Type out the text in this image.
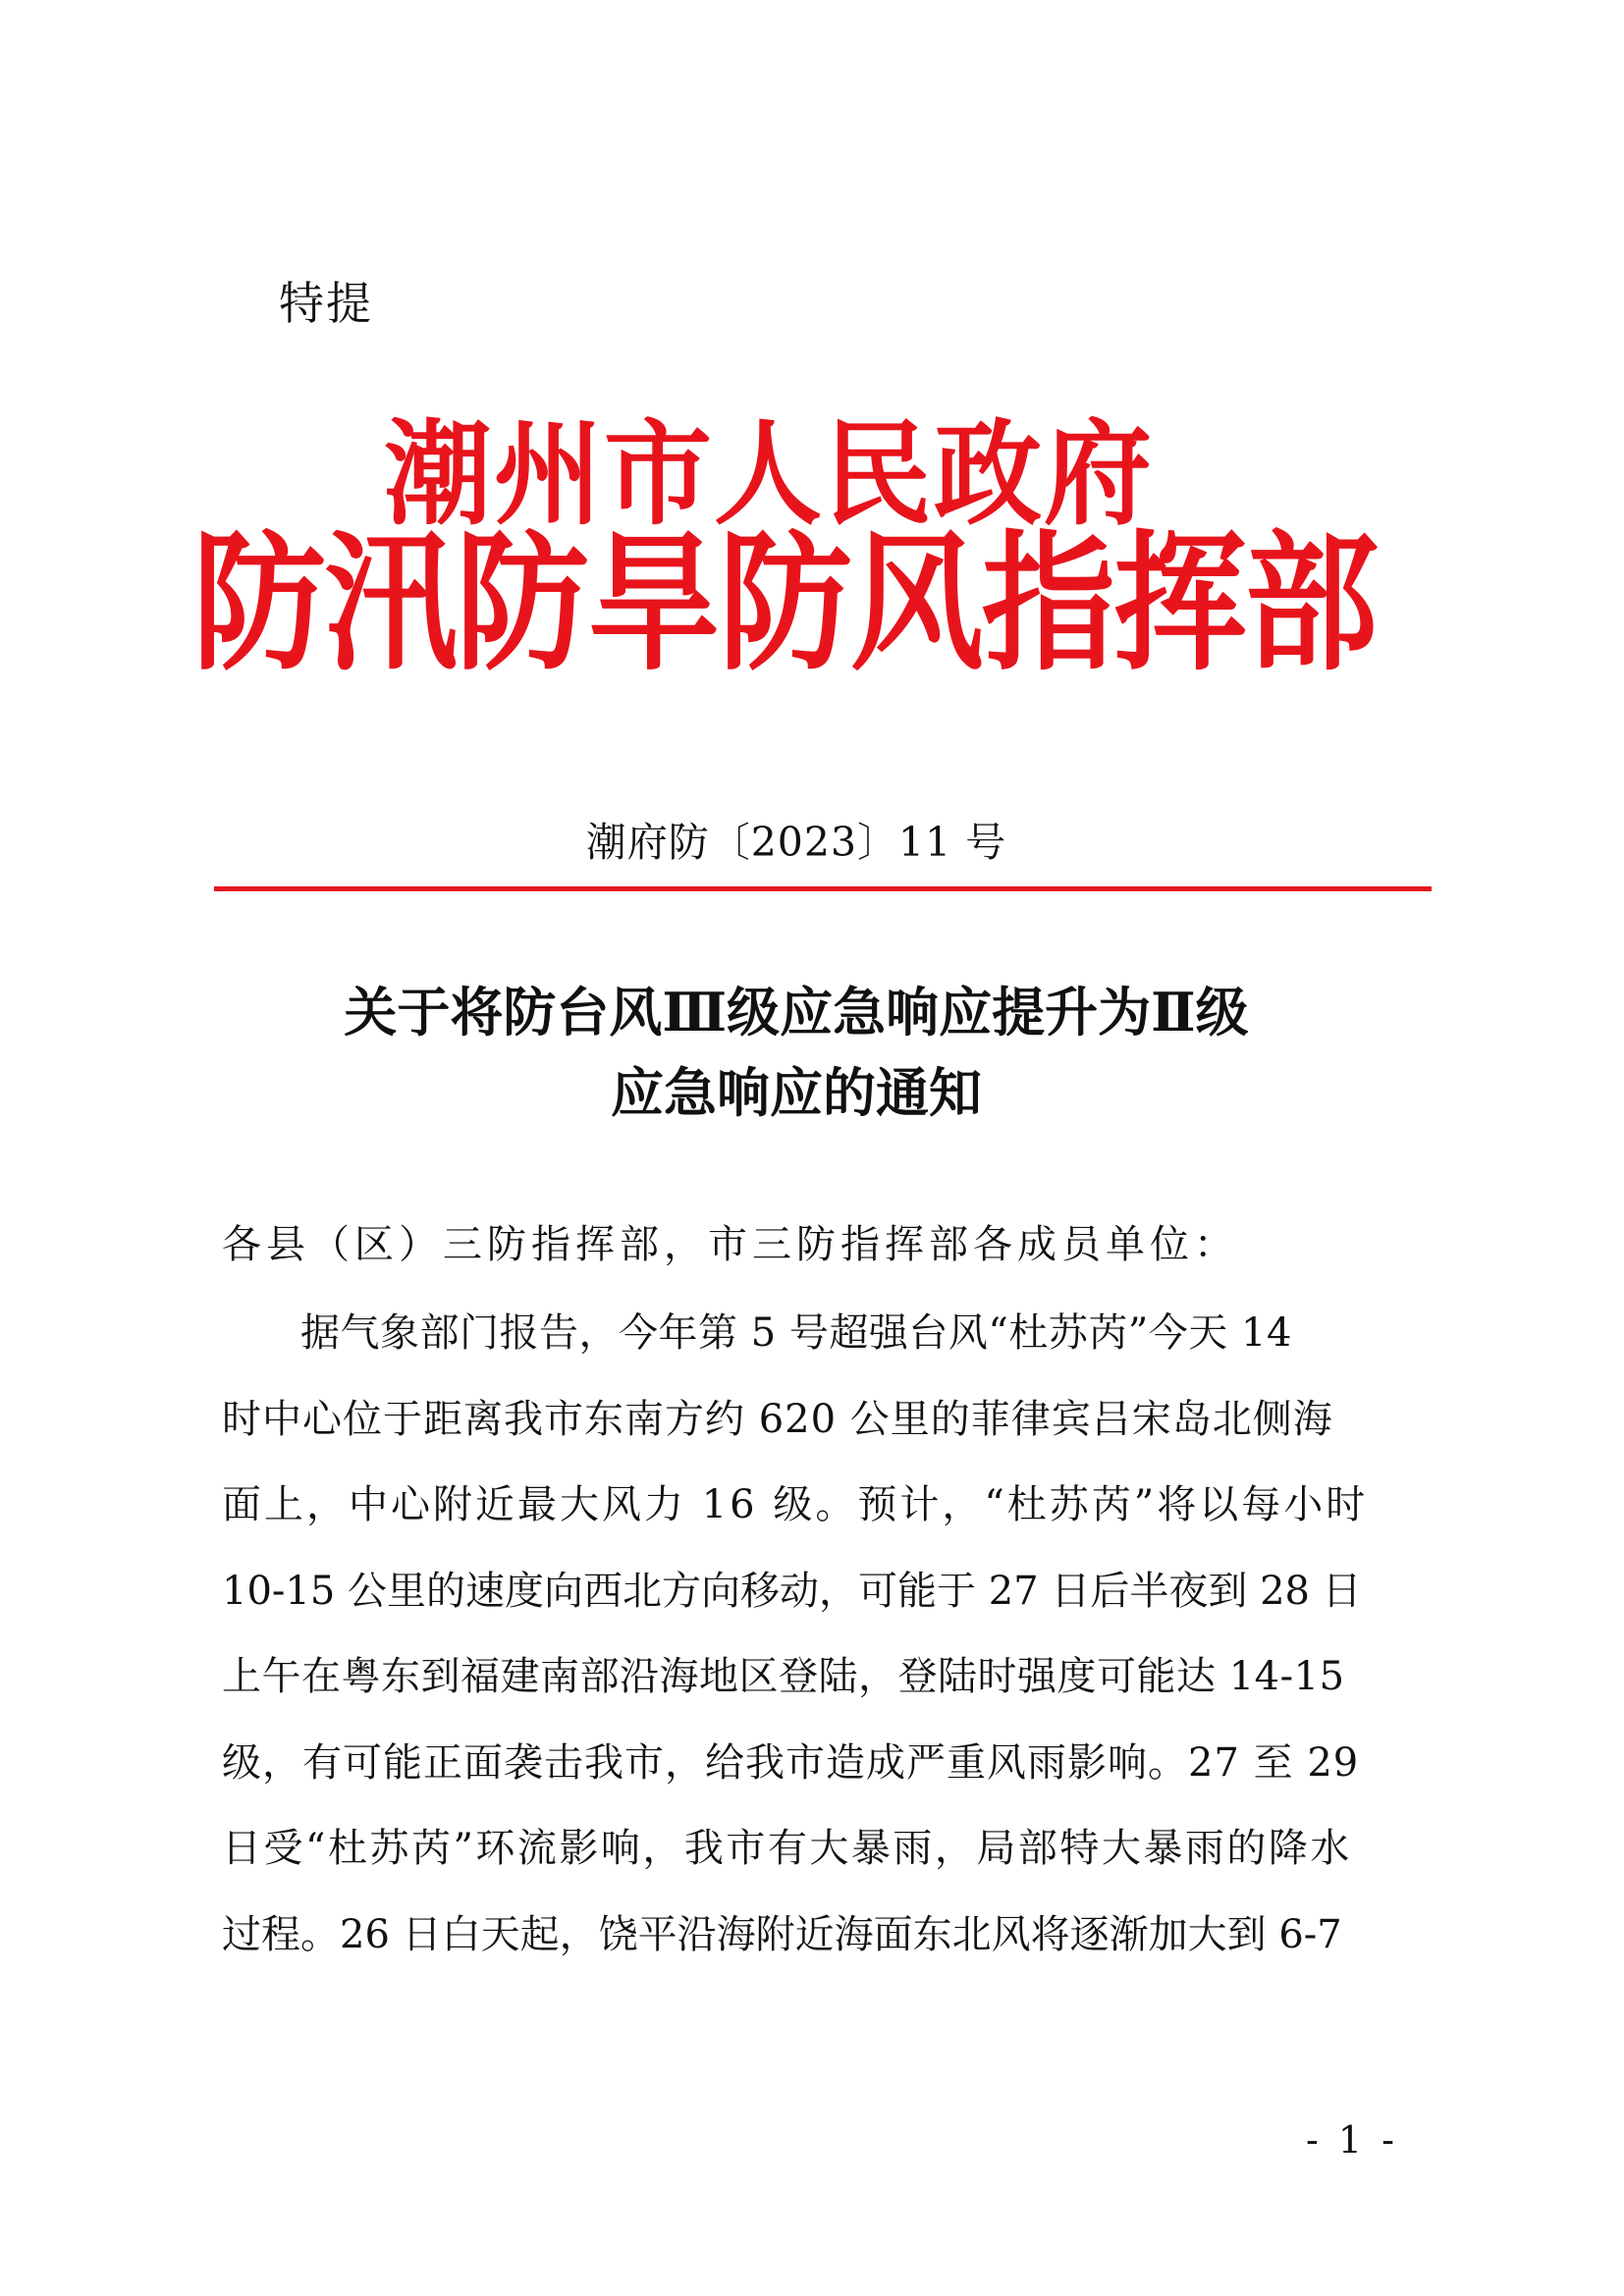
特提
潮州市人民政府
防汛防旱防风指挥部
潮府防〔2023〕11 号
关于将防台风Ⅲ级应急响应提升为Ⅱ级
应急响应的通知
各县（区）三防指挥部，市三防指挥部各成员单位：
据气象部门报告，今年第 5 号超强台风“杜苏芮”今天 14
时中心位于距离我市东南方约 620 公里的菲律宾吕宋岛北侧海
面上，中心附近最大风力 16 级。预计，“杜苏芮”将以每小时
10-15 公里的速度向西北方向移动，可能于 27 日后半夜到 28 日
上午在粤东到福建南部沿海地区登陆，登陆时强度可能达 14-15
级，有可能正面袭击我市，给我市造成严重风雨影响。27 至 29
日受“杜苏芮”环流影响，我市有大暴雨，局部特大暴雨的降水
过程。26 日白天起，饶平沿海附近海面东北风将逐渐加大到 6-7
- 1 -
